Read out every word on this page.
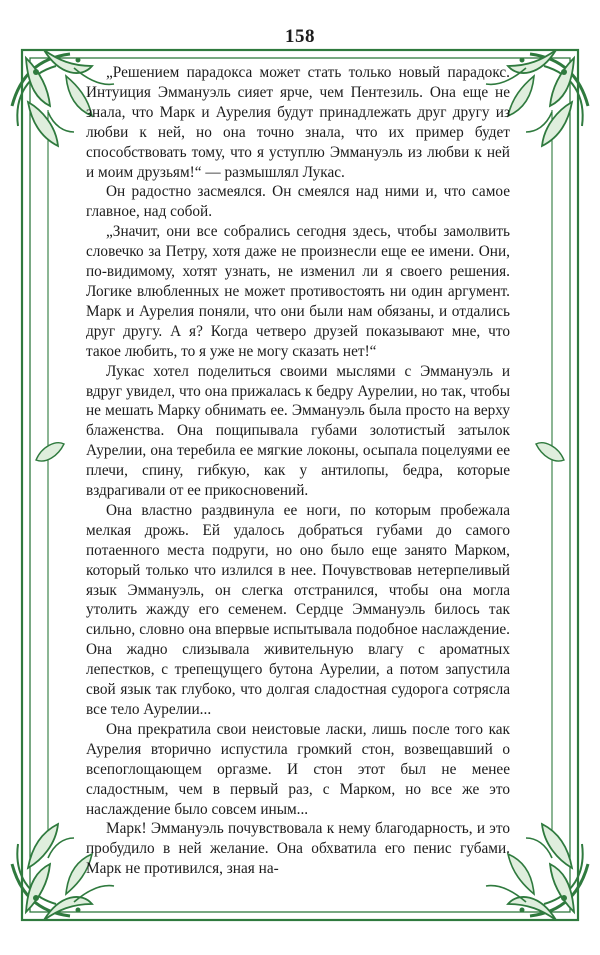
158

„Решением парадокса может стать только новый парадокс. Интуиция Эммануэль сияет ярче, чем Пентезиль. Она еще не знала, что Марк и Аурелия будут принадлежать друг другу из любви к ней, но она точно знала, что их пример будет способствовать тому, что я уступлю Эммануэль из любви к ней и моим друзьям!“ — размышлял Лукас.

Он радостно засмеялся. Он смеялся над ними и, что самое главное, над собой.

„Значит, они все собрались сегодня здесь, чтобы замолвить словечко за Петру, хотя даже не произнесли еще ее имени. Они, по-видимому, хотят узнать, не изменил ли я своего решения. Логике влюбленных не может противостоять ни один аргумент. Марк и Аурелия поняли, что они были нам обязаны, и отдались друг другу. А я? Когда четверо друзей показывают мне, что такое любить, то я уже не могу сказать нет!“

Лукас хотел поделиться своими мыслями с Эммануэль и вдруг увидел, что она прижалась к бедру Аурелии, но так, чтобы не мешать Марку обнимать ее. Эммануэль была просто на верху блаженства. Она пощипывала губами золотистый затылок Аурелии, она теребила ее мягкие локоны, осыпала поцелуями ее плечи, спину, гибкую, как у антилопы, бедра, которые вздрагивали от ее прикосновений.

Она властно раздвинула ее ноги, по которым пробежала мелкая дрожь. Ей удалось добраться губами до самого потаенного места подруги, но оно было еще занято Марком, который только что излился в нее. Почувствовав нетерпеливый язык Эммануэль, он слегка отстранился, чтобы она могла утолить жажду его семенем. Сердце Эммануэль билось так сильно, словно она впервые испытывала подобное наслаждение. Она жадно слизывала живительную влагу с ароматных лепестков, с трепещущего бутона Аурелии, а потом запустила свой язык так глубоко, что долгая сладостная судорога сотрясла все тело Аурелии...

Она прекратила свои неистовые ласки, лишь после того как Аурелия вторично испустила громкий стон, возвещавший о всепоглощающем оргазме. И стон этот был не менее сладостным, чем в первый раз, с Марком, но все же это наслаждение было совсем иным...

Марк! Эммануэль почувствовала к нему благодарность, и это пробудило в ней желание. Она обхватила его пенис губами. Марк не противился, зная на-
